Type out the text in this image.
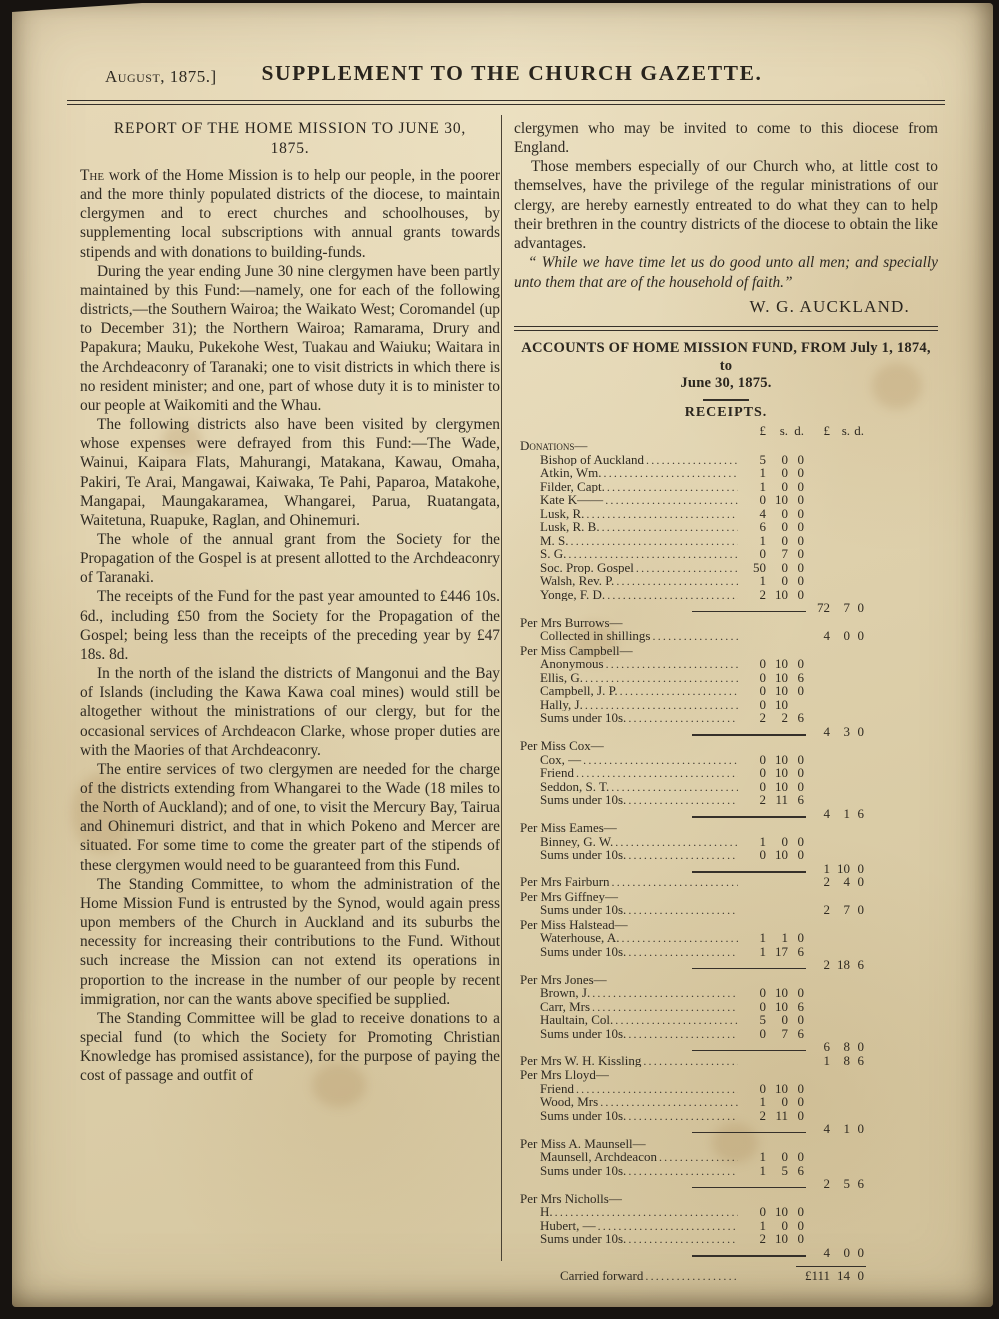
August, 1875.]	SUPPLEMENT TO THE CHURCH GAZETTE.
REPORT OF THE HOME MISSION TO JUNE 30,
1875.

The work of the Home Mission is to help our people, in the poorer and the more thinly populated districts of the diocese, to maintain clergymen and to erect churches and schoolhouses, by supplementing local subscriptions with annual grants towards stipends and with donations to building-funds.

During the year ending June 30 nine clergymen have been partly maintained by this Fund:—namely, one for each of the following districts,—the Southern Wairoa; the Waikato West; Coromandel (up to December 31); the Northern Wairoa; Ramarama, Drury and Papakura; Mauku, Pukekohe West, Tuakau and Waiuku; Waitara in the Archdeaconry of Taranaki; one to visit districts in which there is no resident minister; and one, part of whose duty it is to minister to our people at Waikomiti and the Whau.

The following districts also have been visited by clergymen whose expenses were defrayed from this Fund:—The Wade, Wainui, Kaipara Flats, Mahurangi, Matakana, Kawau, Omaha, Pakiri, Te Arai, Mangawai, Kaiwaka, Te Pahi, Paparoa, Matakohe, Mangapai, Maungakaramea, Whangarei, Parua, Ruatangata, Waitetuna, Ruapuke, Raglan, and Ohinemuri.

The whole of the annual grant from the Society for the Propagation of the Gospel is at present allotted to the Archdeaconry of Taranaki.

The receipts of the Fund for the past year amounted to £446 10s. 6d., including £50 from the Society for the Propagation of the Gospel; being less than the receipts of the preceding year by £47 18s. 8d.

In the north of the island the districts of Mangonui and the Bay of Islands (including the Kawa Kawa coal mines) would still be altogether without the ministrations of our clergy, but for the occasional services of Archdeacon Clarke, whose proper duties are with the Maories of that Archdeaconry.

The entire services of two clergymen are needed for the charge of the districts extending from Whangarei to the Wade (18 miles to the North of Auckland); and of one, to visit the Mercury Bay, Tairua and Ohinemuri district, and that in which Pokeno and Mercer are situated. For some time to come the greater part of the stipends of these clergymen would need to be guaranteed from this Fund.

The Standing Committee, to whom the administration of the Home Mission Fund is entrusted by the Synod, would again press upon members of the Church in Auckland and its suburbs the necessity for increasing their contributions to the Fund. Without such increase the Mission can not extend its operations in proportion to the increase in the number of our people by recent immigration, nor can the wants above specified be supplied.

The Standing Committee will be glad to receive donations to a special fund (to which the Society for Promoting Christian Knowledge has promised assistance), for the purpose of paying the cost of passage and outfit of

clergymen who may be invited to come to this diocese from England.

Those members especially of our Church who, at little cost to themselves, have the privilege of the regular ministrations of our clergy, are hereby earnestly entreated to do what they can to help their brethren in the country districts of the diocese to obtain the like advantages.

“ While we have time let us do good unto all men; and specially unto them that are of the household of faith.”

W. G. AUCKLAND.
ACCOUNTS OF HOME MISSION FUND, FROM July 1, 1874, to
June 30, 1875.
RECEIPTS.
£	s. d.	£ s. d.
Donations—
Bishop of Auckland .....	5	0 0
Atkin, Wm. .....	1	0 0
Filder, Capt. .....	1	0 0
Kate K—— .....	0 10 0
Lusk, R. .....	4	0 0
Lusk, R. B. .....	6	0 0
M. S. .....	1	0 0
S. G. .....	0	7 0
Soc. Prop. Gospel .....	50	0 0
Walsh, Rev. P. .....	1	0 0
Yonge, F. D. .....	2 10 0
72	7 0
Per Mrs Burrows—
Collected in shillings .....	4	0 0
Per Miss Campbell—
Anonymous .....	0 10 0
Ellis, G. .....	0 10 6
Campbell, J. P. .....	0 10 0
Hally, J. .....	0 10
Sums under 10s. .....	2	2 6
4	3 0
Per Miss Cox—
Cox, — .....	0 10 0
Friend .....	0 10 0
Seddon, S. T. .....	0 10 0
Sums under 10s. .....	2 11 6
4	1 6
Per Miss Eames—
Binney, G. W. .....	1	0 0
Sums under 10s. .....	0 10 0
1 10 0
Per Mrs Fairburn .....	2	4 0
Per Mrs Giffney—
Sums under 10s. .....	2	7 0
Per Miss Halstead—
Waterhouse, A. .....	1	1 0
Sums under 10s. .....	1 17 6
2 18 6
Per Mrs Jones—
Brown, J. .....	0 10 0
Carr, Mrs .....	0 10 6
Haultain, Col. .....	5	0 0
Sums under 10s. .....	0	7 6
6	8 0
Per Mrs W. H. Kissling .....	1	8 6
Per Mrs Lloyd—
Friend .....	0 10 0
Wood, Mrs .....	1	0 0
Sums under 10s. .....	2 11 0
4	1 0
Per Miss A. Maunsell—
Maunsell, Archdeacon .....	1	0 0
Sums under 10s. .....	1	5 6
2	5 6
Per Mrs Nicholls—
H. .....	0 10 0
Hubert, — .....	1	0 0
Sums under 10s. .....	2 10 0
4	0 0
Carried forward .....	£111 14 0
